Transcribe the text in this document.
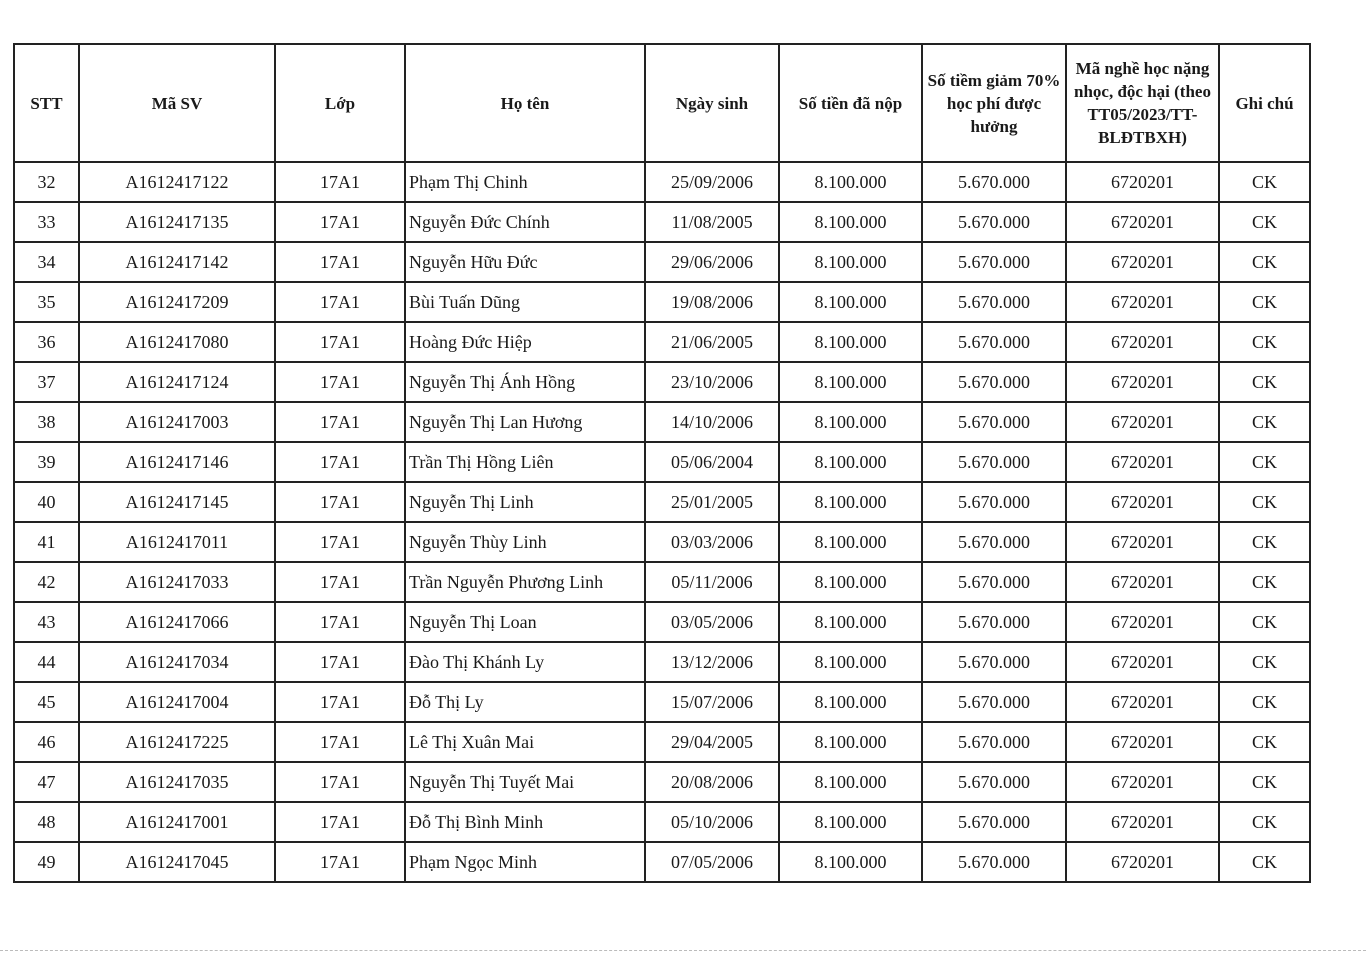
STT	Mã SV	Lớp	Họ tên	Ngày sinh	Số tiền đã nộp	Số tiềm giảm 70% học phí được hưởng	Mã nghề học nặng nhọc, độc hại (theo TT05/2023/TT-BLĐTBXH)	Ghi chú
32	A1612417122	17A1	Phạm Thị Chinh	25/09/2006	8.100.000	5.670.000	6720201	CK
33	A1612417135	17A1	Nguyễn Đức Chính	11/08/2005	8.100.000	5.670.000	6720201	CK
34	A1612417142	17A1	Nguyễn Hữu Đức	29/06/2006	8.100.000	5.670.000	6720201	CK
35	A1612417209	17A1	Bùi Tuấn Dũng	19/08/2006	8.100.000	5.670.000	6720201	CK
36	A1612417080	17A1	Hoàng Đức Hiệp	21/06/2005	8.100.000	5.670.000	6720201	CK
37	A1612417124	17A1	Nguyễn Thị Ánh Hồng	23/10/2006	8.100.000	5.670.000	6720201	CK
38	A1612417003	17A1	Nguyễn Thị Lan Hương	14/10/2006	8.100.000	5.670.000	6720201	CK
39	A1612417146	17A1	Trần Thị Hồng Liên	05/06/2004	8.100.000	5.670.000	6720201	CK
40	A1612417145	17A1	Nguyễn Thị Linh	25/01/2005	8.100.000	5.670.000	6720201	CK
41	A1612417011	17A1	Nguyễn Thùy Linh	03/03/2006	8.100.000	5.670.000	6720201	CK
42	A1612417033	17A1	Trần Nguyễn Phương Linh	05/11/2006	8.100.000	5.670.000	6720201	CK
43	A1612417066	17A1	Nguyễn Thị Loan	03/05/2006	8.100.000	5.670.000	6720201	CK
44	A1612417034	17A1	Đào Thị Khánh Ly	13/12/2006	8.100.000	5.670.000	6720201	CK
45	A1612417004	17A1	Đỗ Thị Ly	15/07/2006	8.100.000	5.670.000	6720201	CK
46	A1612417225	17A1	Lê Thị Xuân Mai	29/04/2005	8.100.000	5.670.000	6720201	CK
47	A1612417035	17A1	Nguyễn Thị Tuyết Mai	20/08/2006	8.100.000	5.670.000	6720201	CK
48	A1612417001	17A1	Đỗ Thị Bình Minh	05/10/2006	8.100.000	5.670.000	6720201	CK
49	A1612417045	17A1	Phạm Ngọc Minh	07/05/2006	8.100.000	5.670.000	6720201	CK
